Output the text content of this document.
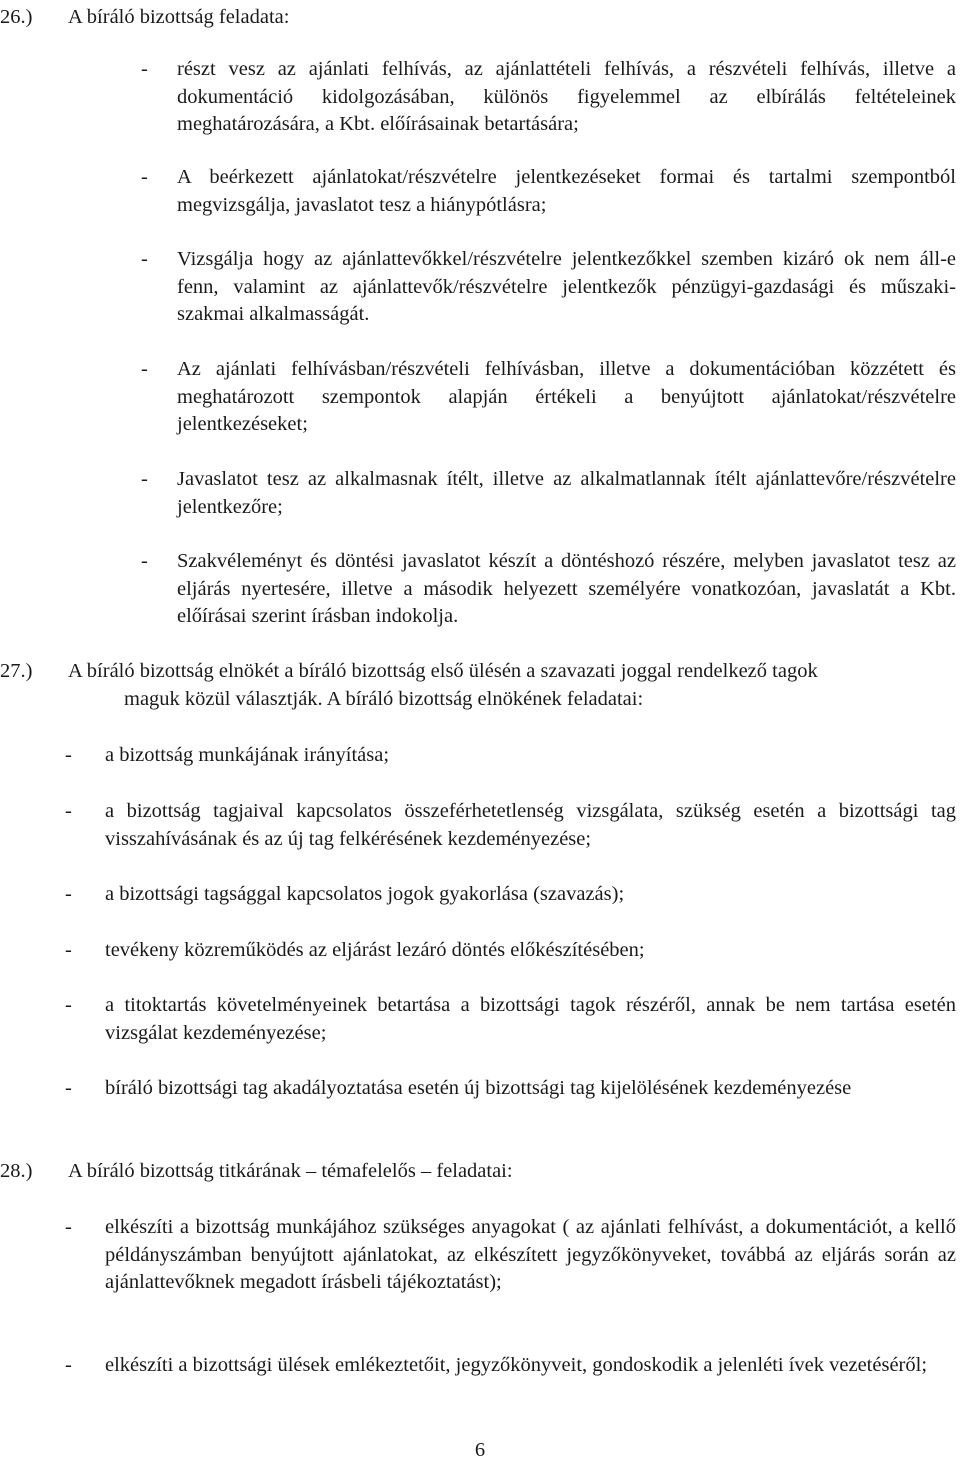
26.) A bíráló bizottság feladata:
- részt vesz az ajánlati felhívás, az ajánlattételi felhívás, a részvételi felhívás, illetve a dokumentáció kidolgozásában, különös figyelemmel az elbírálás feltételeinek meghatározására, a Kbt. előírásainak betartására;
- A beérkezett ajánlatokat/részvételre jelentkezéseket formai és tartalmi szempontból megvizsgálja, javaslatot tesz a hiánypótlásra;
- Vizsgálja hogy az ajánlattevőkkel/részvételre jelentkezőkkel szemben kizáró ok nem áll-e fenn, valamint az ajánlattevők/részvételre jelentkezők pénzügyi-gazdasági és műszaki- szakmai alkalmasságát.
- Az ajánlati felhívásban/részvételi felhívásban, illetve a dokumentációban közzétett és meghatározott szempontok alapján értékeli a benyújtott ajánlatokat/részvételre jelentkezéseket;
- Javaslatot tesz az alkalmasnak ítélt, illetve az alkalmatlannak ítélt ajánlattevőre/részvételre jelentkezőre;
- Szakvéleményt és döntési javaslatot készít a döntéshozó részére, melyben javaslatot tesz az eljárás nyertesére, illetve a második helyezett személyére vonatkozóan, javaslatát a Kbt. előírásai szerint írásban indokolja.
27.)	A bíráló bizottság elnökét a bíráló bizottság első ülésén a szavazati joggal rendelkező tagok
maguk közül választják. A bíráló bizottság elnökének feladatai:
- a bizottság munkájának irányítása;
- a bizottság tagjaival kapcsolatos összeférhetetlenség vizsgálata, szükség esetén a bizottsági tag visszahívásának és az új tag felkérésének kezdeményezése;
- a bizottsági tagsággal kapcsolatos jogok gyakorlása (szavazás);
- tevékeny közreműködés az eljárást lezáró döntés előkészítésében;
- a titoktartás követelményeinek betartása a bizottsági tagok részéről, annak be nem tartása esetén vizsgálat kezdeményezése;
- bíráló bizottsági tag akadályoztatása esetén új bizottsági tag kijelölésének kezdeményezése
28.) A bíráló bizottság titkárának – témafelelős – feladatai:
- elkészíti a bizottság munkájához szükséges anyagokat ( az ajánlati felhívást, a dokumentációt, a kellő példányszámban benyújtott ajánlatokat, az elkészített jegyzőkönyveket, továbbá az eljárás során az ajánlattevőknek megadott írásbeli tájékoztatást);
- elkészíti a bizottsági ülések emlékeztetőit, jegyzőkönyveit, gondoskodik a jelenléti ívek vezetéséről;
6
